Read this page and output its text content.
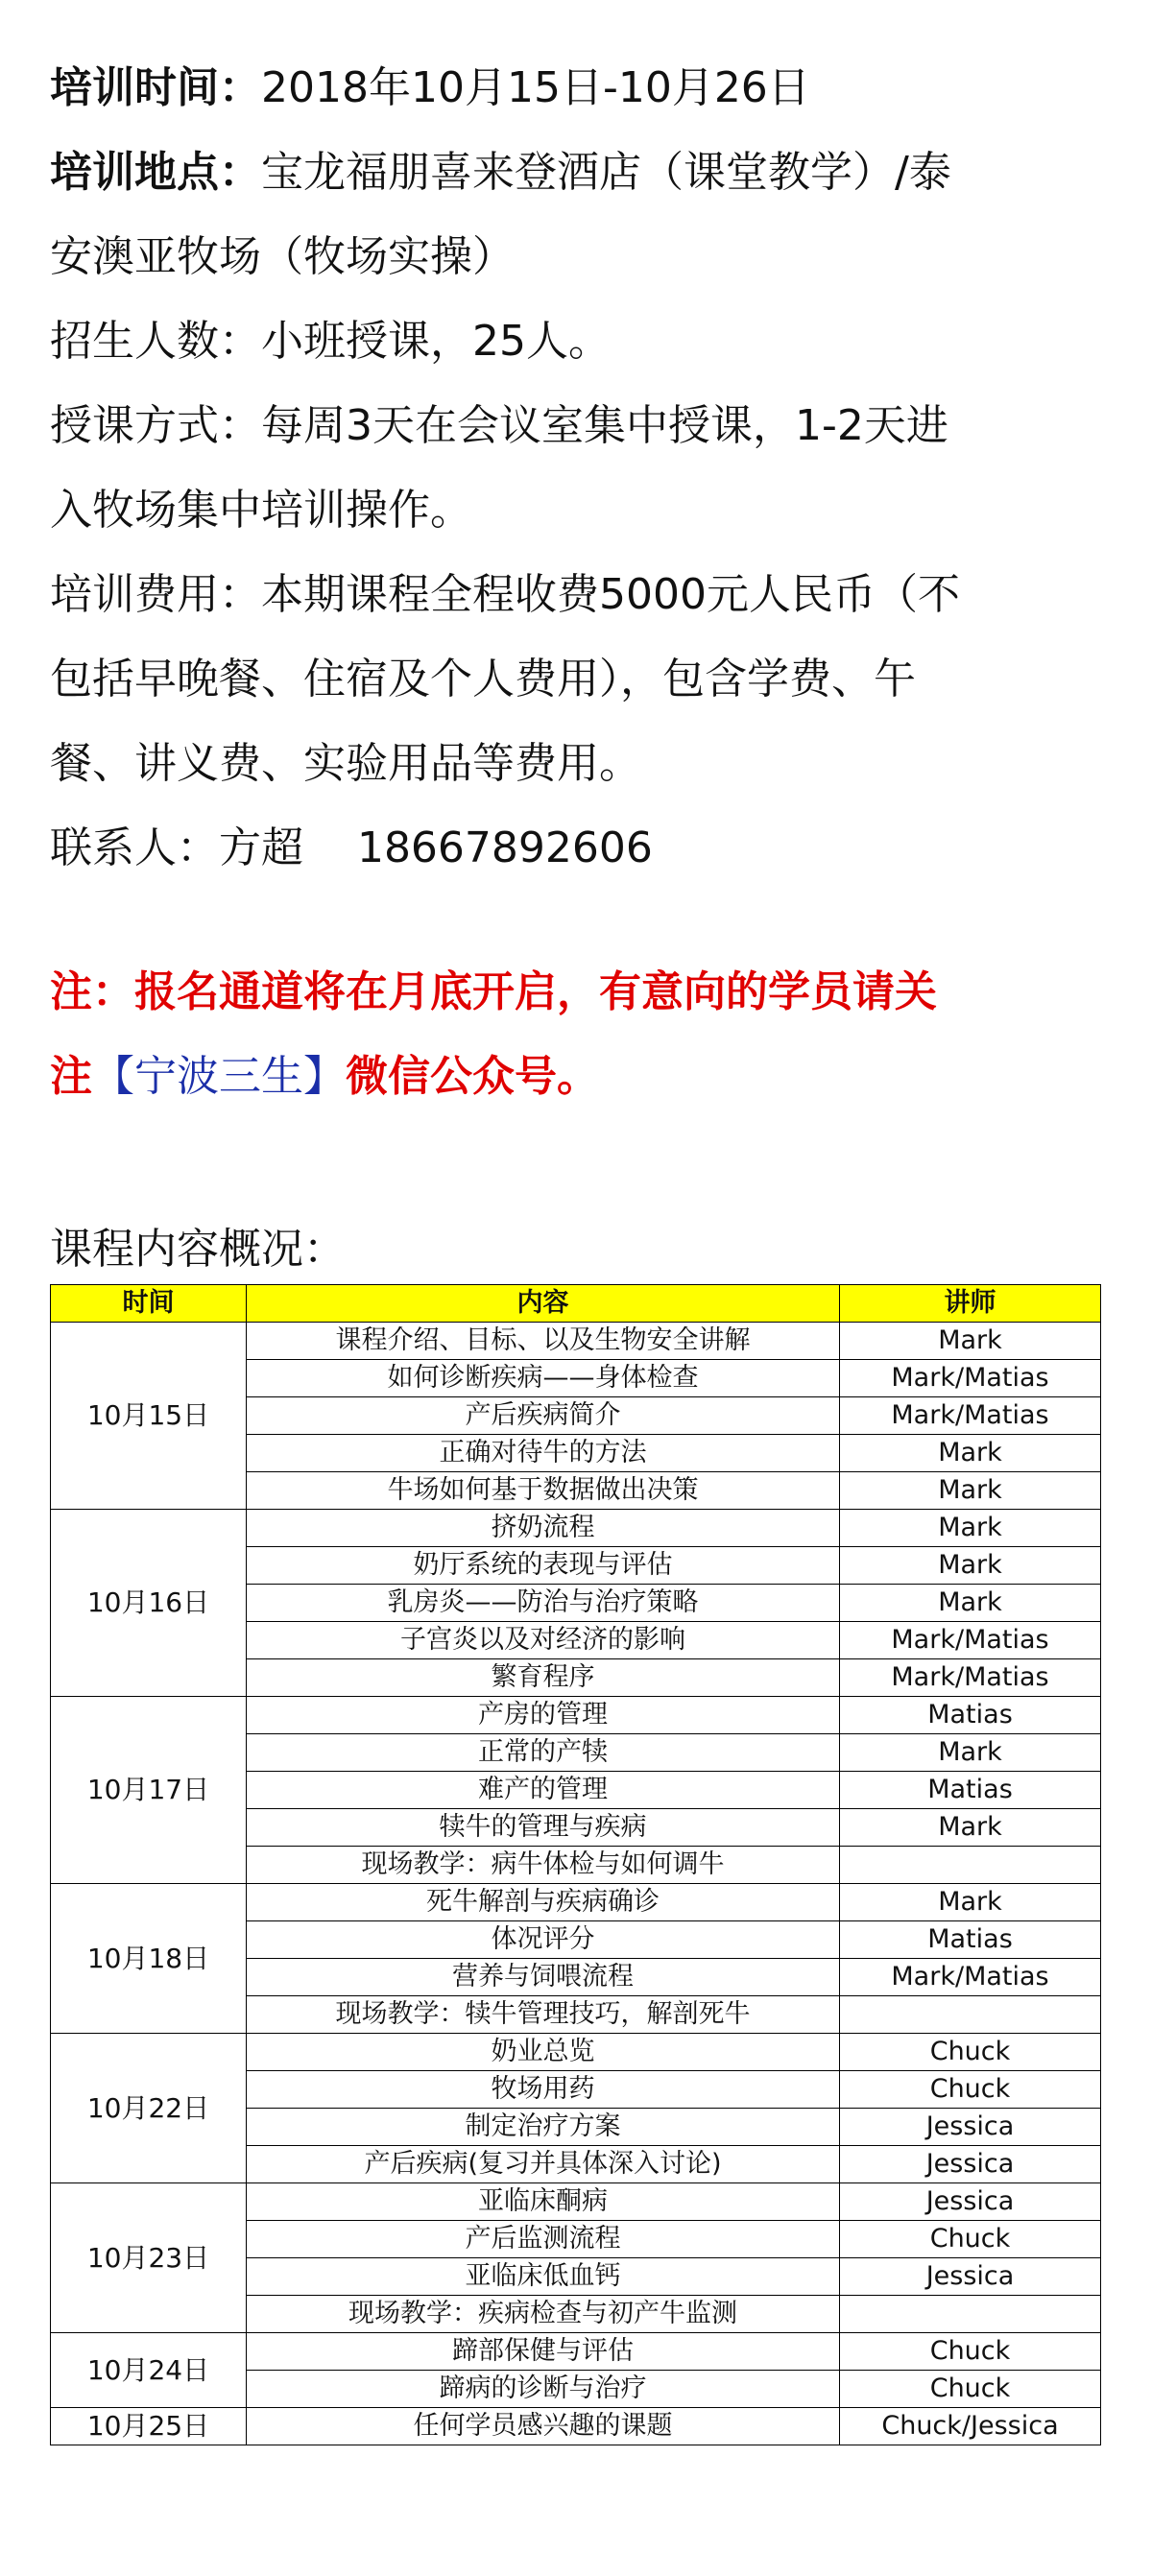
培训时间：2018年10月15日-10月26日
培训地点：宝龙福朋喜来登酒店（课堂教学）/泰
安澳亚牧场（牧场实操）
招生人数：小班授课，25人。
授课方式：每周3天在会议室集中授课，1-2天进
入牧场集中培训操作。
培训费用：本期课程全程收费5000元人民币（不
包括早晚餐、住宿及个人费用），包含学费、午
餐、讲义费、实验用品等费用。
联系人：方超    18667892606
注：报名通道将在月底开启，有意向的学员请关
注【宁波三生】微信公众号。
课程内容概况：
时间	内容	讲师
10月15日	课程介绍、目标、以及生物安全讲解	Mark
	如何诊断疾病——身体检查	Mark/Matias
	产后疾病简介	Mark/Matias
	正确对待牛的方法	Mark
	牛场如何基于数据做出决策	Mark
10月16日	挤奶流程	Mark
	奶厅系统的表现与评估	Mark
	乳房炎——防治与治疗策略	Mark
	子宫炎以及对经济的影响	Mark/Matias
	繁育程序	Mark/Matias
10月17日	产房的管理	Matias
	正常的产犊	Mark
	难产的管理	Matias
	犊牛的管理与疾病	Mark
	现场教学：病牛体检与如何调牛	
10月18日	死牛解剖与疾病确诊	Mark
	体况评分	Matias
	营养与饲喂流程	Mark/Matias
	现场教学：犊牛管理技巧，解剖死牛	
10月22日	奶业总览	Chuck
	牧场用药	Chuck
	制定治疗方案	Jessica
	产后疾病(复习并具体深入讨论)	Jessica
10月23日	亚临床酮病	Jessica
	产后监测流程	Chuck
	亚临床低血钙	Jessica
	现场教学：疾病检查与初产牛监测	
10月24日	蹄部保健与评估	Chuck
	蹄病的诊断与治疗	Chuck
10月25日	任何学员感兴趣的课题	Chuck/Jessica
